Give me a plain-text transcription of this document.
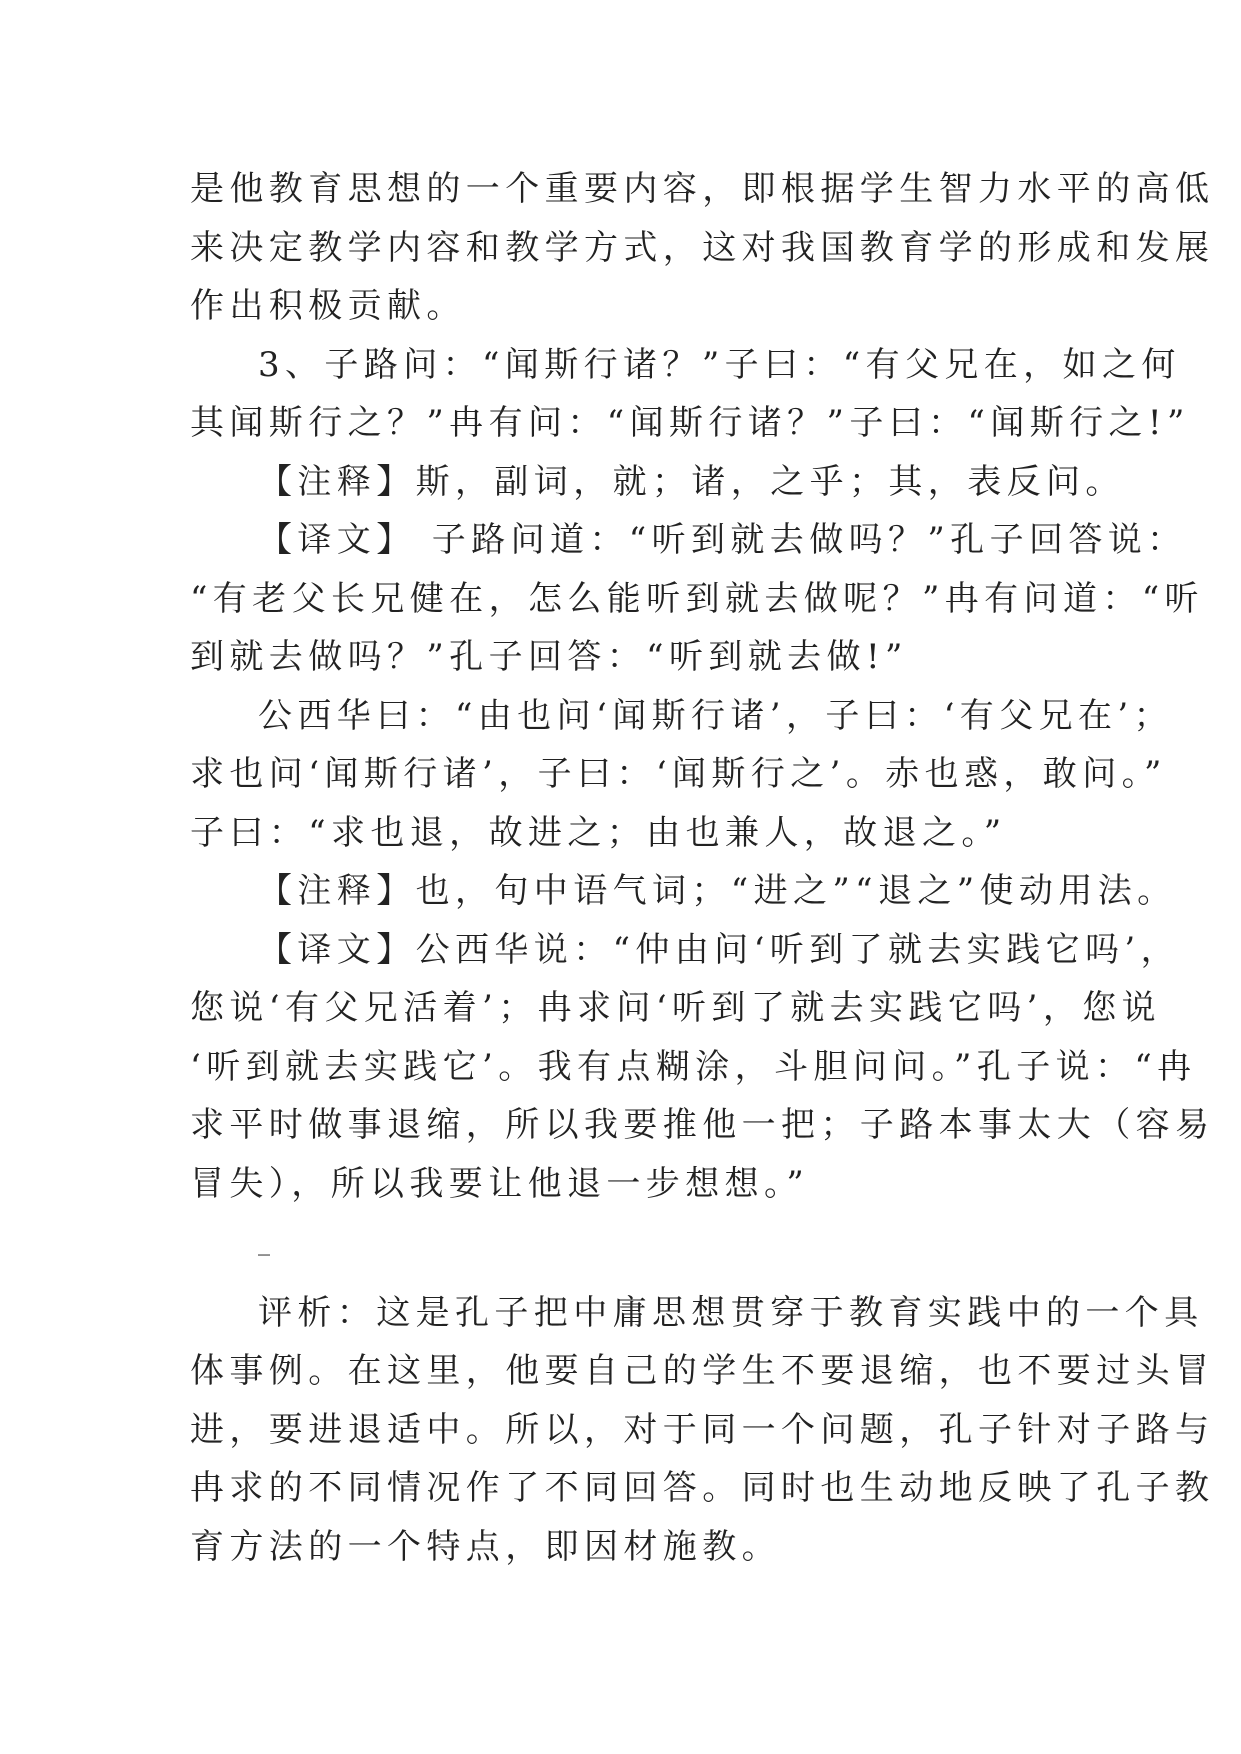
是他教育思想的一个重要内容，即根据学生智力水平的高低
来决定教学内容和教学方式，这对我国教育学的形成和发展
作出积极贡献。

3、子路问：“闻斯行诸？”子曰：“有父兄在，如之何
其闻斯行之？”冉有问：“闻斯行诸？”子曰：“闻斯行之!”

【注释】斯，副词，就；诸，之乎；其，表反问。

【译文】 子路问道：“听到就去做吗？”孔子回答说：
“有老父长兄健在，怎么能听到就去做呢？”冉有问道：“听
到就去做吗？”孔子回答：“听到就去做!”

公西华曰：“由也问‘闻斯行诸’，子曰：‘有父兄在’；
求也问‘闻斯行诸’，子曰：‘闻斯行之’。赤也惑，敢问。”
子曰：“求也退，故进之；由也兼人，故退之。”

【注释】也，句中语气词；“进之”“退之”使动用法。

【译文】公西华说：“仲由问‘听到了就去实践它吗’，
您说‘有父兄活着’；冉求问‘听到了就去实践它吗’，您说
‘听到就去实践它’。我有点糊涂，斗胆问问。”孔子说：“冉
求平时做事退缩，所以我要推他一把；子路本事太大（容易
冒失），所以我要让他退一步想想。”

_

评析：这是孔子把中庸思想贯穿于教育实践中的一个具
体事例。在这里，他要自己的学生不要退缩，也不要过头冒
进，要进退适中。所以，对于同一个问题，孔子针对子路与
冉求的不同情况作了不同回答。同时也生动地反映了孔子教
育方法的一个特点，即因材施教。
